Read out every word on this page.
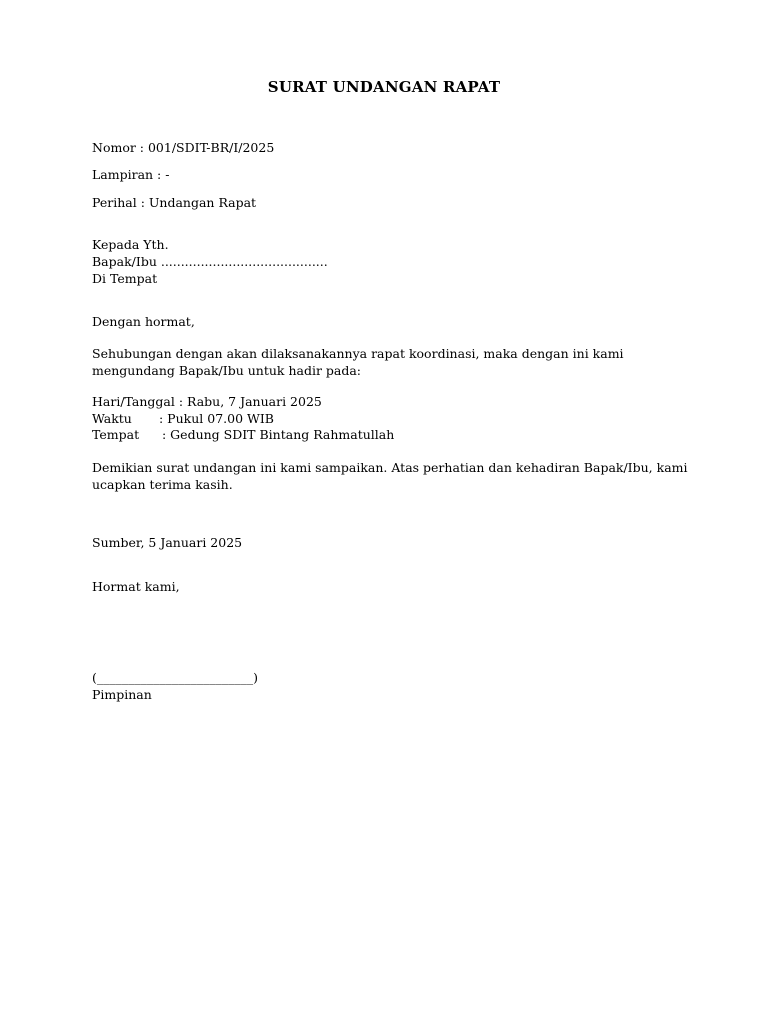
SURAT UNDANGAN RAPAT
Nomor : 001/SDIT-BR/I/2025
Lampiran : -
Perihal : Undangan Rapat
Kepada Yth.
Bapak/Ibu ..........................................
Di Tempat
Dengan hormat,
Sehubungan dengan akan dilaksanakannya rapat koordinasi, maka dengan ini kami
mengundang Bapak/Ibu untuk hadir pada:
Hari/Tanggal : Rabu, 7 Januari 2025
Waktu : Pukul 07.00 WIB
Tempat : Gedung SDIT Bintang Rahmatullah
Demikian surat undangan ini kami sampaikan. Atas perhatian dan kehadiran Bapak/Ibu, kami
ucapkan terima kasih.
Sumber, 5 Januari 2025
Hormat kami,
(_________________________)
Pimpinan
